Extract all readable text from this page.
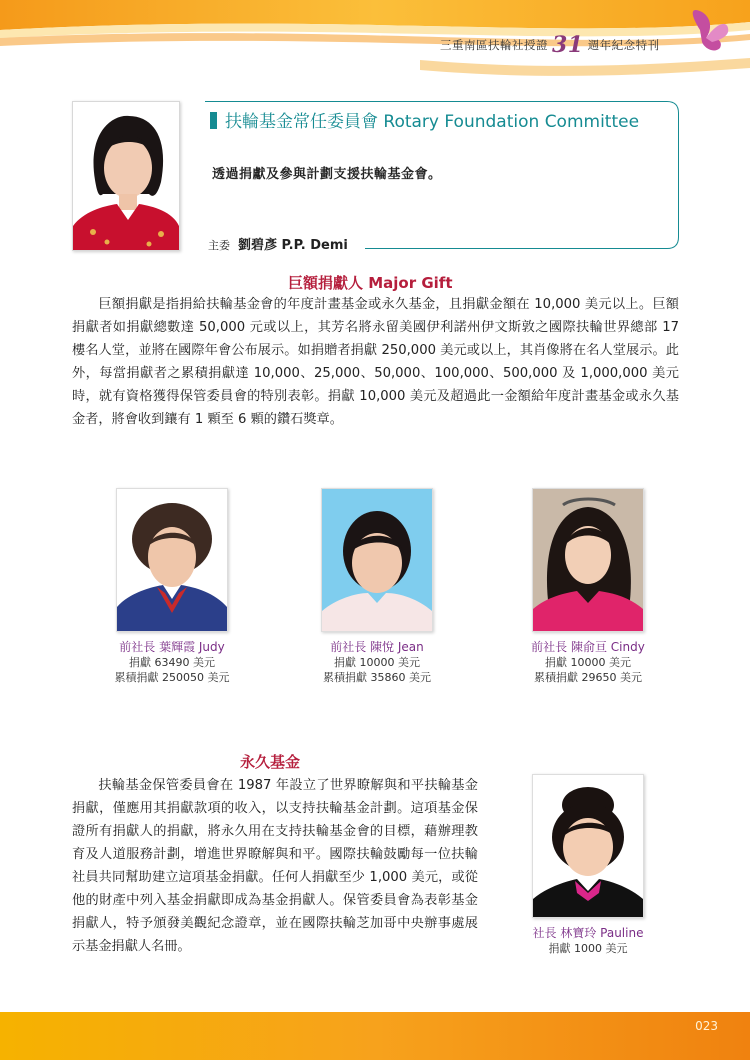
三重南區扶輪社授證 31 週年紀念特刊
扶輪基金常任委員會 Rotary Foundation Committee
透過捐獻及參與計劃支援扶輪基金會。
主委 劉碧彥 P.P. Demi
巨額捐獻人 Major Gift
巨額捐獻是指捐給扶輪基金會的年度計畫基金或永久基金，且捐獻金額在 10,000 美元以上。巨額捐獻者如捐獻總數達 50,000 元或以上，其芳名將永留美國伊利諾州伊文斯敦之國際扶輪世界總部 17 樓名人堂，並將在國際年會公布展示。如捐贈者捐獻 250,000 美元或以上，其肖像將在名人堂展示。此外，每當捐獻者之累積捐獻達 10,000、25,000、50,000、100,000、500,000 及 1,000,000 美元時，就有資格獲得保管委員會的特別表彰。捐獻 10,000 美元及超過此一金額給年度計畫基金或永久基金者，將會收到鑲有 1 顆至 6 顆的鑽石獎章。
前社長 葉輝霞 Judy
捐獻 63490 美元
累積捐獻 250050 美元
前社長 陳悅 Jean
捐獻 10000 美元
累積捐獻 35860 美元
前社長 陳俞亘 Cindy
捐獻 10000 美元
累積捐獻 29650 美元
永久基金
扶輪基金保管委員會在 1987 年設立了世界瞭解與和平扶輪基金捐獻，僅應用其捐獻款項的收入，以支持扶輪基金計劃。這項基金保證所有捐獻人的捐獻，將永久用在支持扶輪基金會的目標，藉辦理教育及人道服務計劃，增進世界瞭解與和平。國際扶輪鼓勵每一位扶輪社員共同幫助建立這項基金捐獻。任何人捐獻至少 1,000 美元，或從他的財產中列入基金捐獻即成為基金捐獻人。保管委員會為表彰基金捐獻人，特予頒發美觀紀念證章，並在國際扶輪芝加哥中央辦事處展示基金捐獻人名冊。
社長 林寶玲 Pauline
捐獻 1000 美元
023
